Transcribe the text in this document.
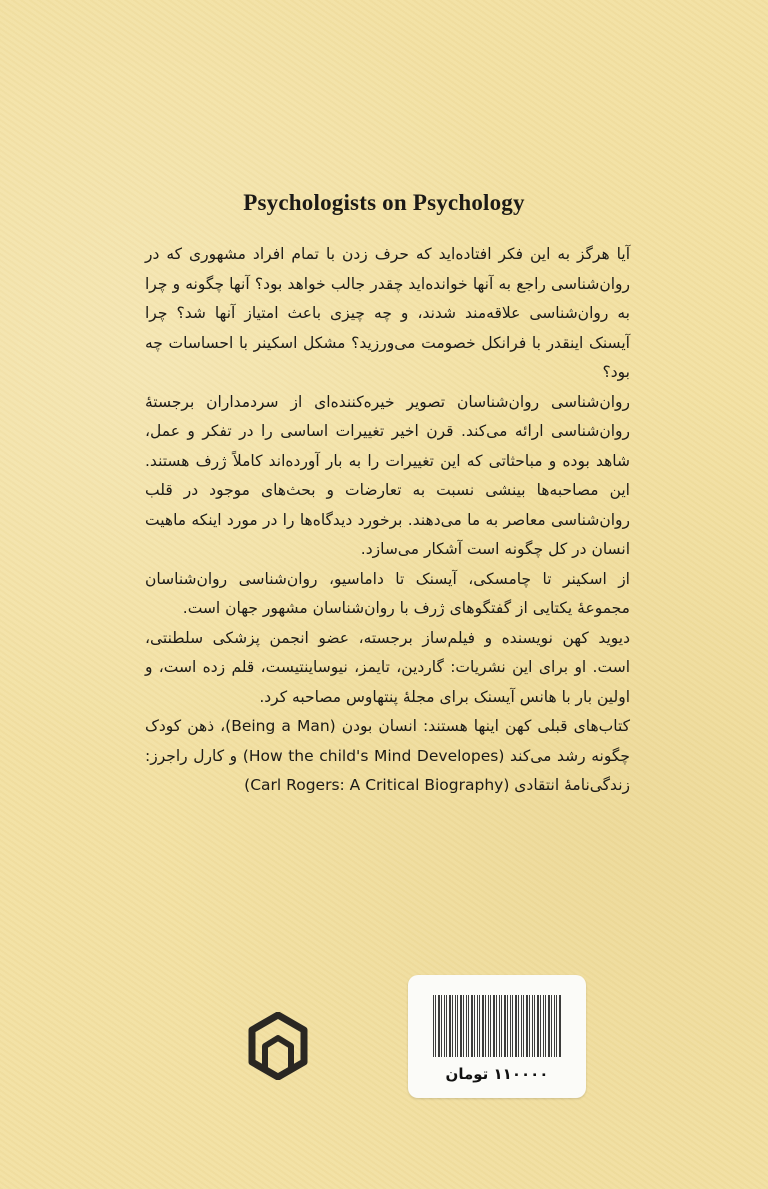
Psychologists on Psychology

آیا هرگز به این فکر افتاده‌اید که حرف زدن با تمام افراد مشهوری که در روان‌شناسی راجع به آنها خوانده‌اید چقدر جالب خواهد بود؟ آنها چگونه و چرا به روان‌شناسی علاقه‌مند شدند، و چه چیزی باعث امتیاز آنها شد؟ چرا آیسنک اینقدر با فرانکل خصومت می‌ورزید؟ مشکل اسکینر با احساسات چه بود؟

روان‌شناسی روان‌شناسان تصویر خیره‌کننده‌ای از سردمداران برجستهٔ روان‌شناسی ارائه می‌کند. قرن اخیر تغییرات اساسی را در تفکر و عمل، شاهد بوده و مباحثاتی که این تغییرات را به بار آورده‌اند کاملاً ژرف هستند. این مصاحبه‌ها بینشی نسبت به تعارضات و بحث‌های موجود در قلب روان‌شناسی معاصر به ما می‌دهند. برخورد دیدگاه‌ها را در مورد اینکه ماهیت انسان در کل چگونه است آشکار می‌سازد.

از اسکینر تا چامسکی، آیسنک تا داماسیو، روان‌شناسی روان‌شناسان مجموعهٔ یکتایی از گفتگوهای ژرف با روان‌شناسان مشهور جهان است.

دیوید کهن نویسنده و فیلم‌ساز برجسته، عضو انجمن پزشکی سلطنتی، است. او برای این نشریات: گاردین، تایمز، نیوساینتیست، قلم زده است، و اولین بار با هانس آیسنک برای مجلهٔ پنتهاوس مصاحبه کرد.

کتاب‌های قبلی کهن اینها هستند: انسان بودن (Being a Man)، ذهن کودک چگونه رشد می‌کند (How the child's Mind Developes) و کارل راجرز: زندگی‌نامهٔ انتقادی (Carl Rogers: A Critical Biography)

۱۱۰۰۰۰ تومان
